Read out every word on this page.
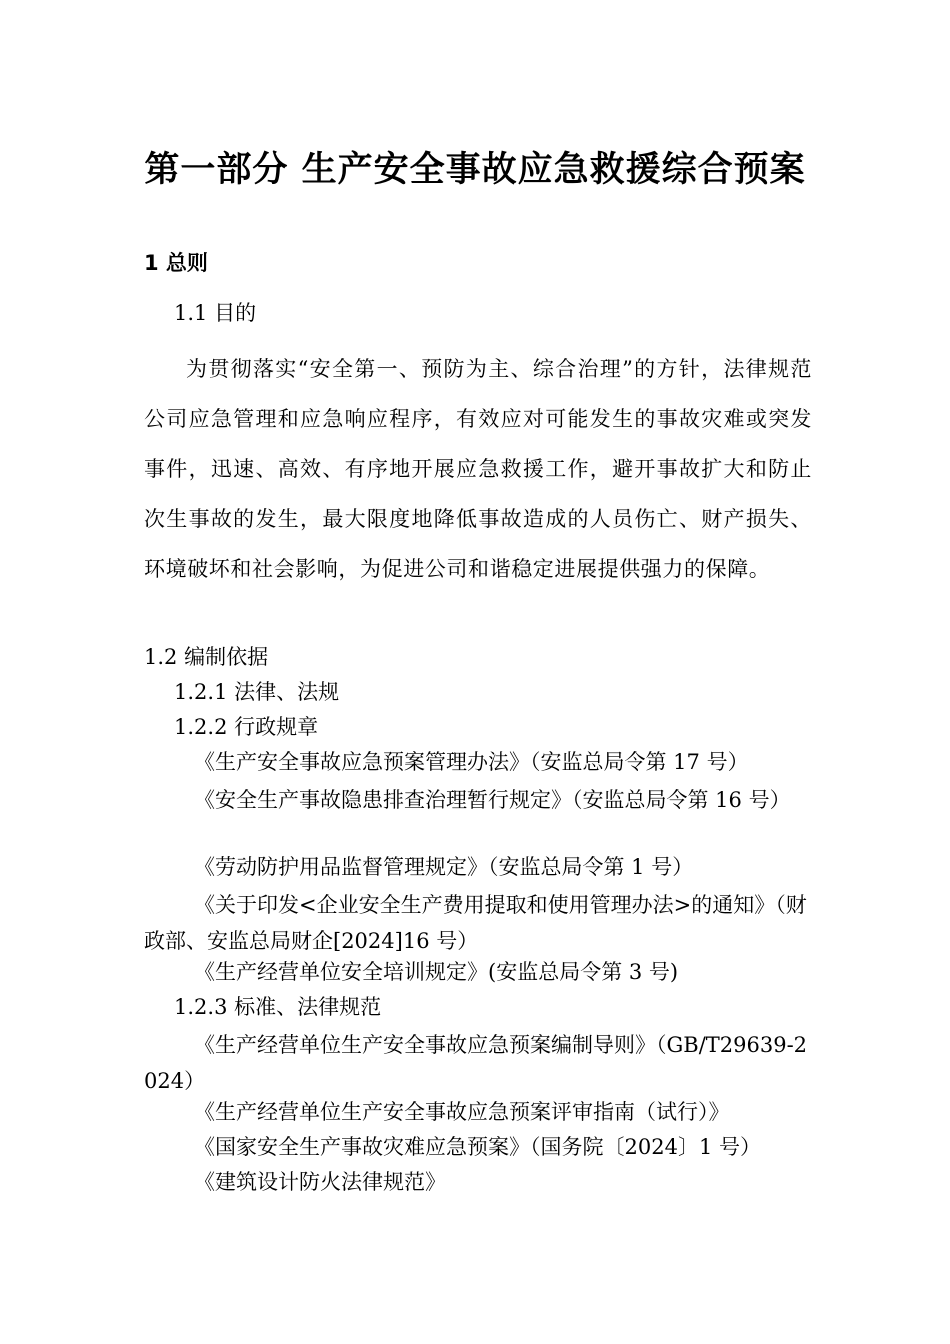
第一部分 生产安全事故应急救援综合预案
1 总则
1.1 目的
为贯彻落实“安全第一、预防为主、综合治理”的方针，法律规范公司应急管理和应急响应程序，有效应对可能发生的事故灾难或突发事件，迅速、高效、有序地开展应急救援工作，避开事故扩大和防止次生事故的发生，最大限度地降低事故造成的人员伤亡、财产损失、环境破坏和社会影响，为促进公司和谐稳定进展提供强力的保障。
1.2 编制依据
1.2.1 法律、法规
1.2.2 行政规章
《生产安全事故应急预案管理办法》（安监总局令第 17 号）
《安全生产事故隐患排查治理暂行规定》（安监总局令第 16 号）
《劳动防护用品监督管理规定》（安监总局令第 1 号）
《关于印发<企业安全生产费用提取和使用管理办法>的通知》（财政部、安监总局财企[2024]16 号）
《生产经营单位安全培训规定》(安监总局令第 3 号)
1.2.3 标准、法律规范
《生产经营单位生产安全事故应急预案编制导则》（GB/T29639-2024）
《生产经营单位生产安全事故应急预案评审指南（试行）》
《国家安全生产事故灾难应急预案》（国务院〔2024〕1 号）
《建筑设计防火法律规范》
